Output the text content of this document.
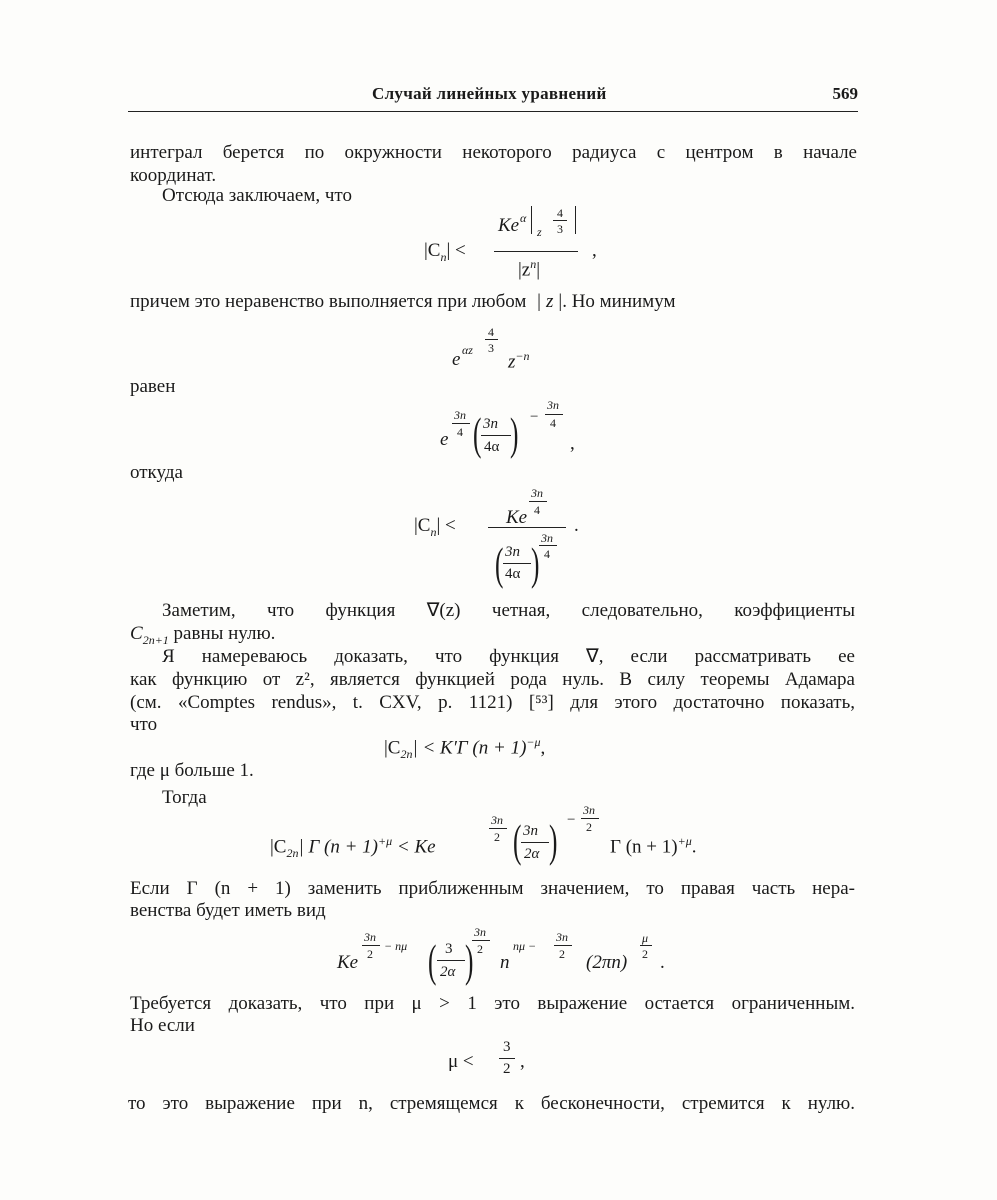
Случай линейных уравнений	569
интеграл берется по окружности некоторого радиуса с центром в начале
координат.
Отсюда заключаем, что
$|C_n|$ <
Ke α
z
4
3
$|z^n|$
,
причем это неравенство выполняется при любом | z |. Но минимум
e αz
4
3
$z^{-n}$
равен
e
3n
4 ( 3n
4α ) −
3n
4
,
откуда
$|C_n|$ <	Ke
3n
4
( 3n
4α ) 3n
4
.
Заметим, что функция ∇(z) четная, следовательно, коэффициенты
$C_{2n+1}$ равны нулю.
Я намереваюсь доказать, что функция ∇, если рассматривать ее
как функцию от z², является функцией рода нуль. В силу теоремы Адамара
(см. «Comptes rendus», t. CXV, p. 1121) [⁵³] для этого достаточно показать,
что
$|C_{2n}| < K'\Gamma$ $(n + 1)^{-\mu}$,
где μ больше 1.
Тогда
$|C_{2n}|$ Γ $(n + 1)^{+\mu} < Ke$
3n
2 ( 3n
2α ) −
3n
2
Γ $(n + 1)^{+\mu}$.
Если Γ (n + 1) заменить приближенным значением, то правая часть нера-
венства будет иметь вид
Ke
3n
2
− nμ ( 3
2α )
3n
2
n
nμ −
3n
2 (2πn)
μ
2 .
Требуется доказать, что при μ > 1 это выражение остается ограниченным.
Но если
μ <
3
2 ,
то это выражение при n, стремящемся к бесконечности, стремится к нулю.
